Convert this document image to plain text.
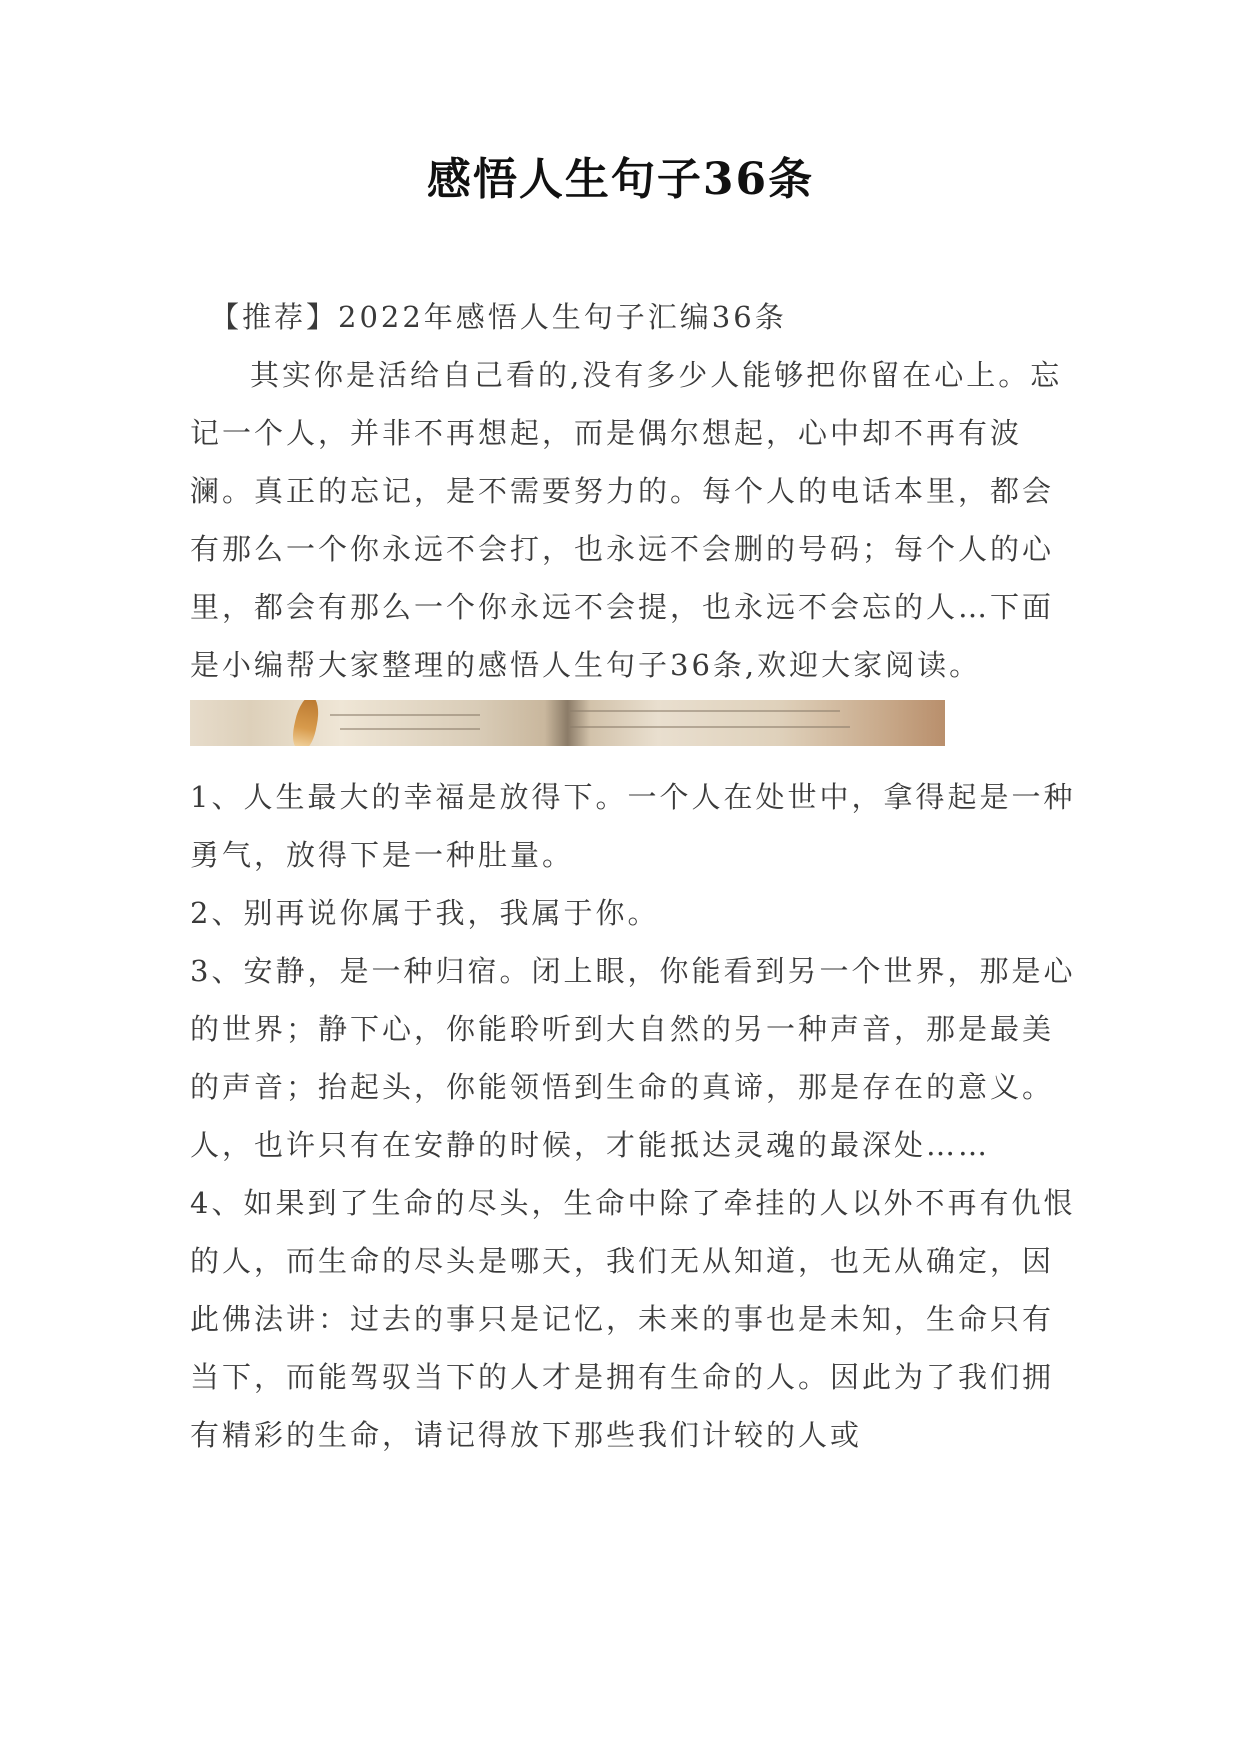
感悟人生句子36条

【推荐】2022年感悟人生句子汇编36条

其实你是活给自己看的,没有多少人能够把你留在心上。忘记一个人，并非不再想起，而是偶尔想起，心中却不再有波澜。真正的忘记，是不需要努力的。每个人的电话本里，都会有那么一个你永远不会打，也永远不会删的号码；每个人的心里，都会有那么一个你永远不会提，也永远不会忘的人…下面是小编帮大家整理的感悟人生句子36条,欢迎大家阅读。

1、人生最大的幸福是放得下。一个人在处世中，拿得起是一种勇气，放得下是一种肚量。

2、别再说你属于我，我属于你。

3、安静，是一种归宿。闭上眼，你能看到另一个世界，那是心的世界；静下心，你能聆听到大自然的另一种声音，那是最美的声音；抬起头，你能领悟到生命的真谛，那是存在的意义。人，也许只有在安静的时候，才能抵达灵魂的最深处……

4、如果到了生命的尽头，生命中除了牵挂的人以外不再有仇恨的人，而生命的尽头是哪天，我们无从知道，也无从确定，因此佛法讲：过去的事只是记忆，未来的事也是未知，生命只有当下，而能驾驭当下的人才是拥有生命的人。因此为了我们拥有精彩的生命，请记得放下那些我们计较的人或
